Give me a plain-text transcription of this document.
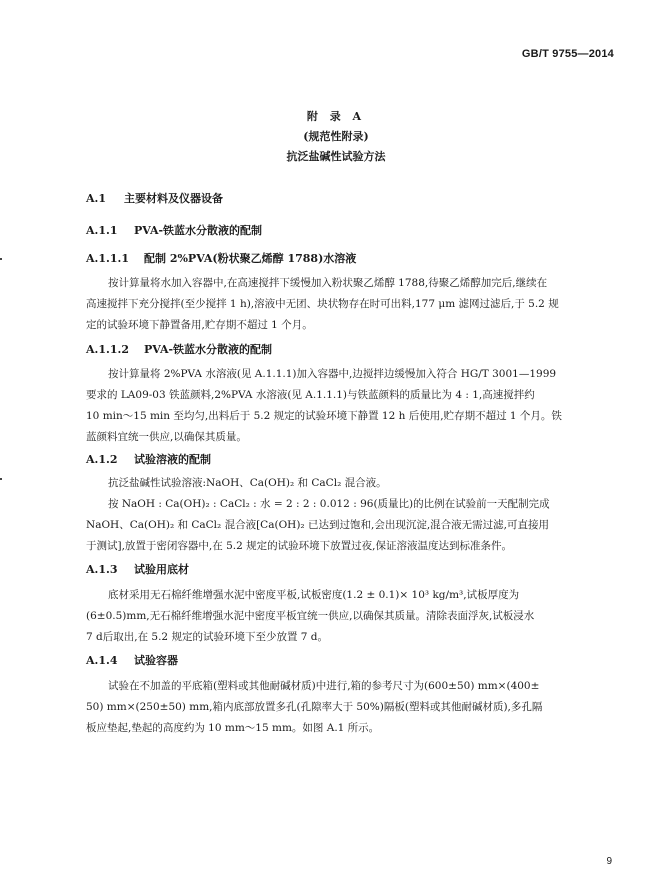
GB/T 9755—2014
附 录 A
(规范性附录)
抗泛盐碱性试验方法
A.1 主要材料及仪器设备
A.1.1 PVA-铁蓝水分散液的配制
A.1.1.1 配制 2%PVA(粉状聚乙烯醇 1788)水溶液
按计算量将水加入容器中,在高速搅拌下缓慢加入粉状聚乙烯醇 1788,待聚乙烯醇加完后,继续在
高速搅拌下充分搅拌(至少搅拌 1 h),溶液中无团、块状物存在时可出料,177 μm 滤网过滤后,于 5.2 规
定的试验环境下静置备用,贮存期不超过 1 个月。
A.1.1.2 PVA-铁蓝水分散液的配制
按计算量将 2%PVA 水溶液(见 A.1.1.1)加入容器中,边搅拌边缓慢加入符合 HG/T 3001—1999
要求的 LA09-03 铁蓝颜料,2%PVA 水溶液(见 A.1.1.1)与铁蓝颜料的质量比为 4 : 1,高速搅拌约
10 min～15 min 至均匀,出料后于 5.2 规定的试验环境下静置 12 h 后使用,贮存期不超过 1 个月。铁
蓝颜料宜统一供应,以确保其质量。
A.1.2 试验溶液的配制
抗泛盐碱性试验溶液:NaOH、Ca(OH)₂ 和 CaCl₂ 混合液。
按 NaOH : Ca(OH)₂ : CaCl₂ : 水 = 2 : 2 : 0.012 : 96(质量比)的比例在试验前一天配制完成
NaOH、Ca(OH)₂ 和 CaCl₂ 混合液[Ca(OH)₂ 已达到过饱和,会出现沉淀,混合液无需过滤,可直接用
于测试],放置于密闭容器中,在 5.2 规定的试验环境下放置过夜,保证溶液温度达到标准条件。
A.1.3 试验用底材
底材采用无石棉纤维增强水泥中密度平板,试板密度(1.2 ± 0.1)× 10³ kg/m³,试板厚度为
(6±0.5)mm,无石棉纤维增强水泥中密度平板宜统一供应,以确保其质量。清除表面浮灰,试板浸水
7 d后取出,在 5.2 规定的试验环境下至少放置 7 d。
A.1.4 试验容器
试验在不加盖的平底箱(塑料或其他耐碱材质)中进行,箱的参考尺寸为(600±50) mm×(400±
50) mm×(250±50) mm,箱内底部放置多孔(孔隙率大于 50%)隔板(塑料或其他耐碱材质),多孔隔
板应垫起,垫起的高度约为 10 mm～15 mm。如图 A.1 所示。
9
